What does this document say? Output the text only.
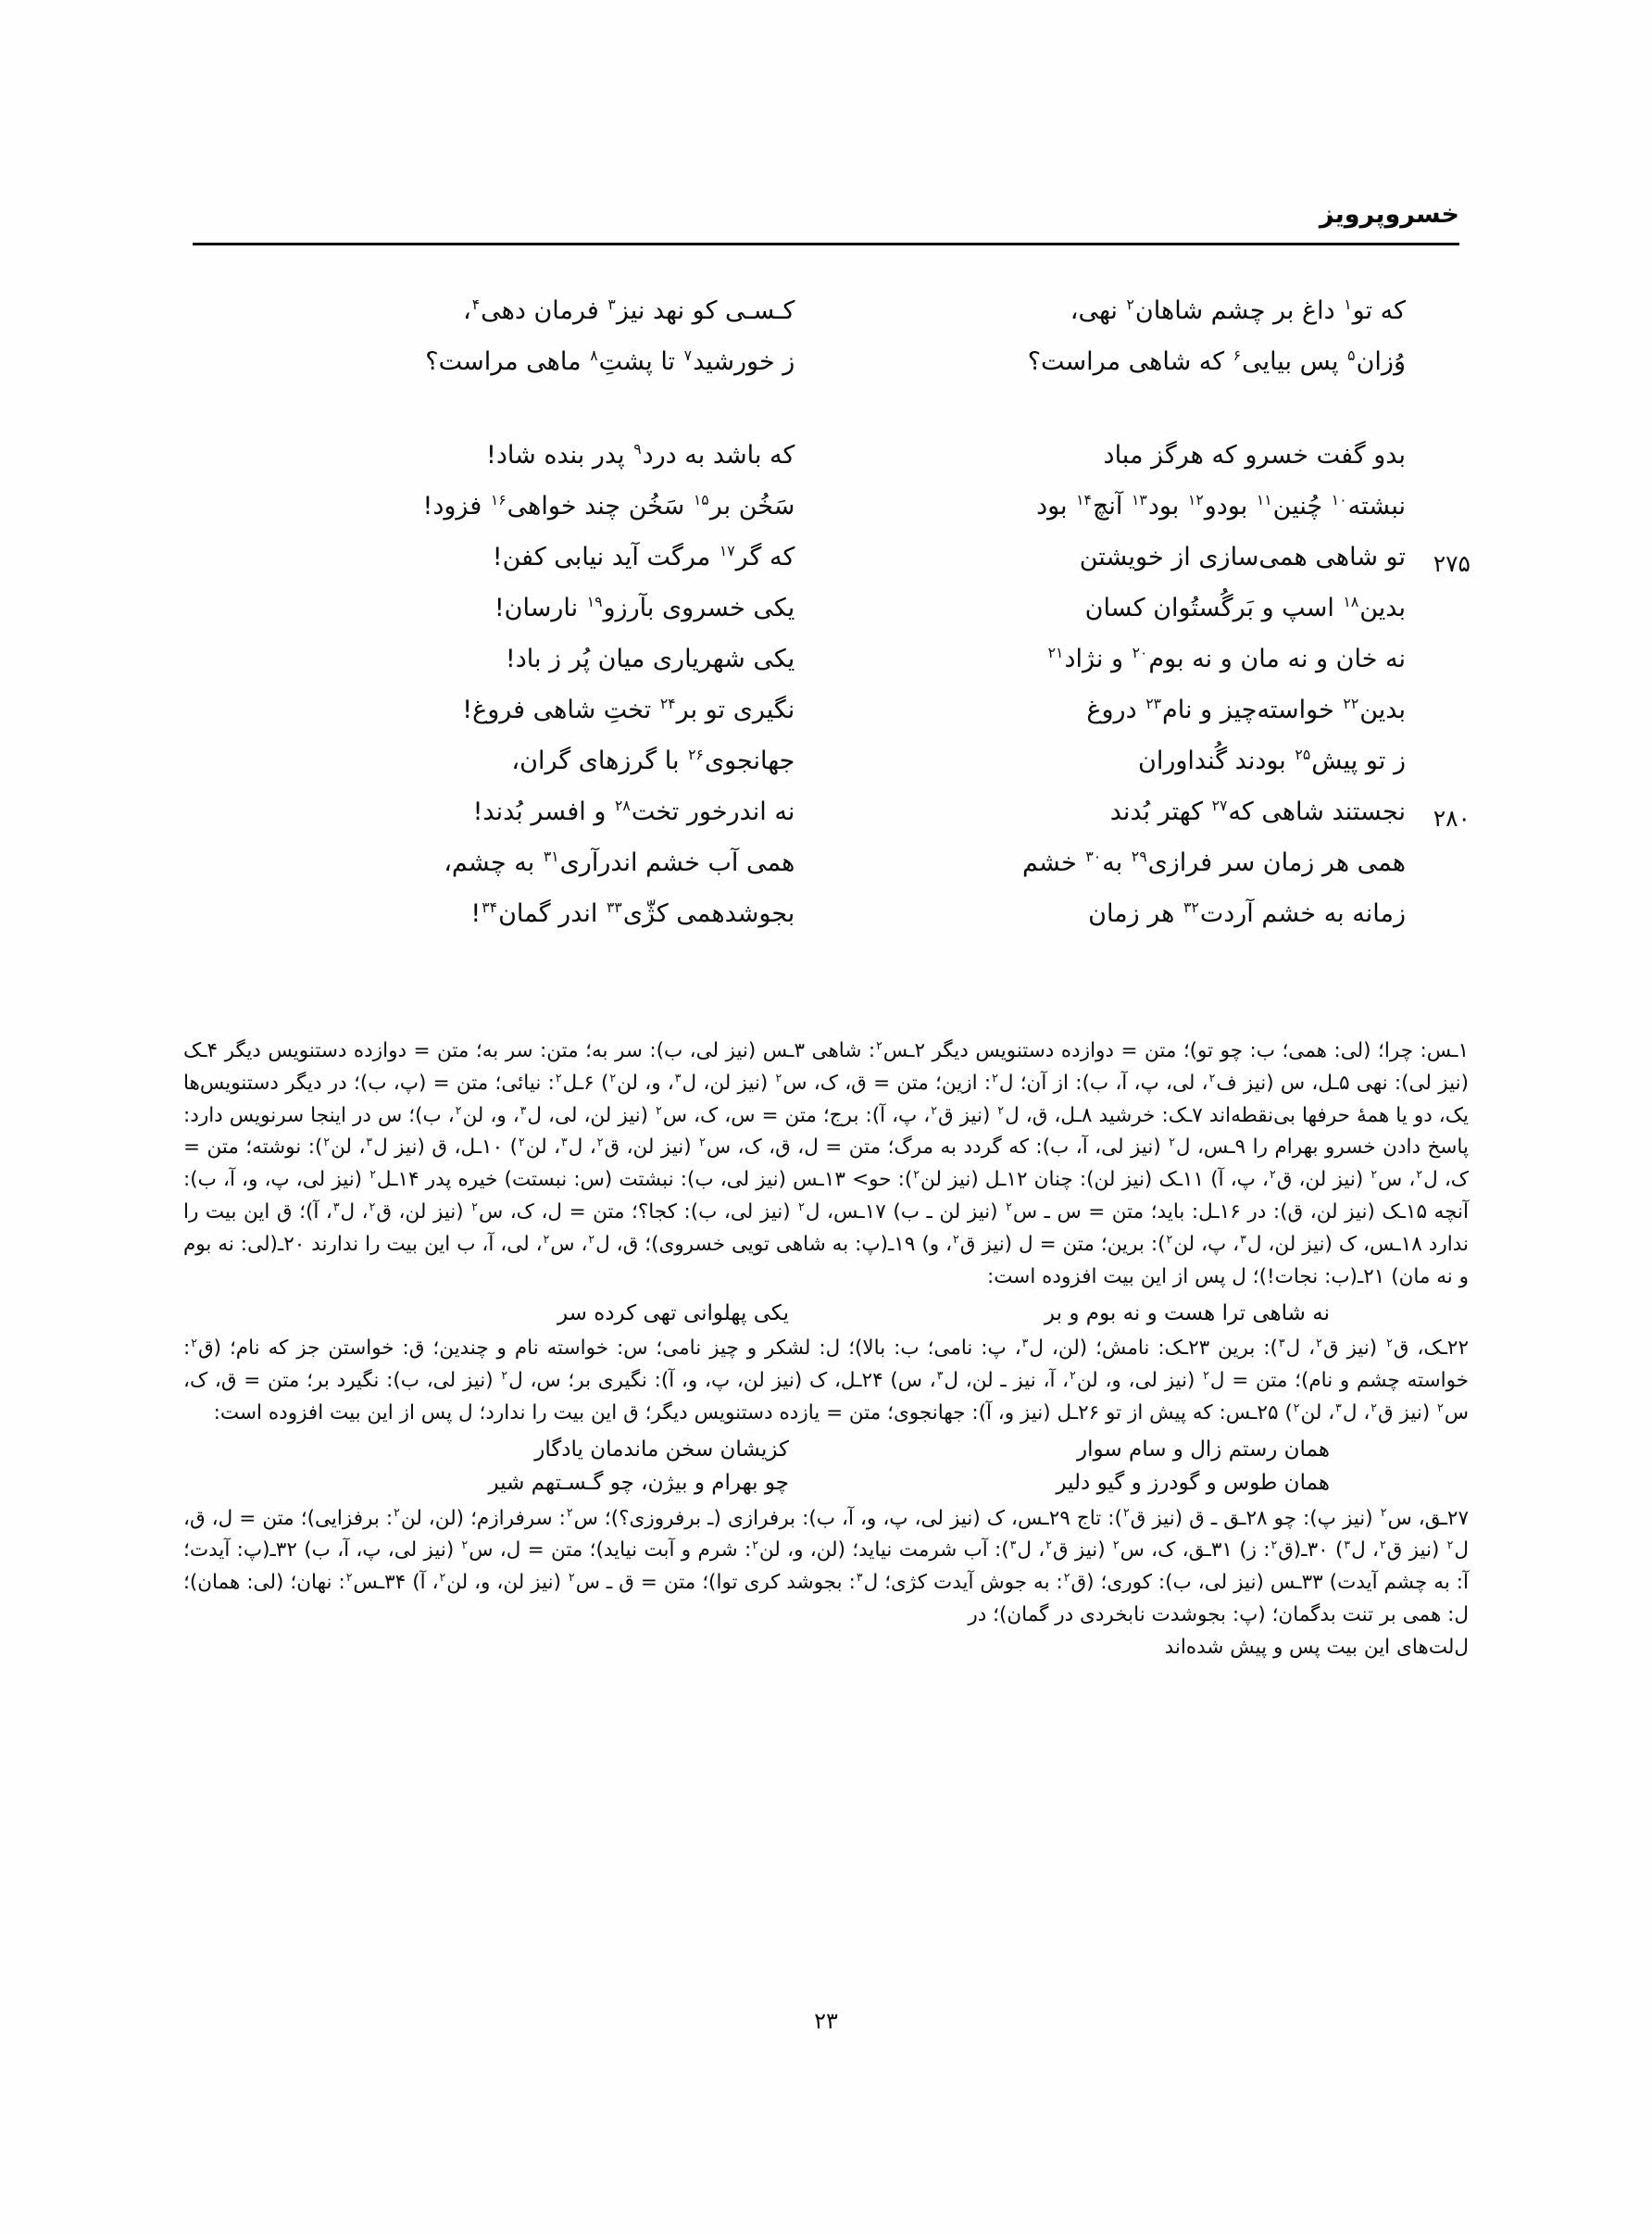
خسروپرویز
که تو$^۱$ داغ بر چشم شاهان$^۲$ نهی،
کـسـی کو نهد نیز$^۳$ فرمان دهی$^۴$،
وُزان$^۵$ پس بیایی$^۶$ که شاهی مراست؟
ز خورشید$^۷$ تا پشتِ$^۸$ ماهی مراست؟
بدو گفت خسرو که هرگز مباد
که باشد به درد$^۹$ پدر بنده شاد!
نبشته$^{۱۰}$ چُنین$^{۱۱}$ بودو$^{۱۲}$ بود$^{۱۳}$ آنچ$^{۱۴}$ بود
سَخُن بر$^{۱۵}$ سَخُن چند خواهی$^{۱۶}$ فزود!
۲۷۵
تو شاهی همی‌سازی از خویشتن
که گر$^{۱۷}$ مرگت آید نیابی کفن!
بدین$^{۱۸}$ اسپ و بَرگُستُوان کسان
یکی خسروی بآرزو$^{۱۹}$ نارسان!
نه خان و نه مان و نه بوم$^{۲۰}$ و نژاد$^{۲۱}$
یکی شهریاری میان پُر ز باد!
بدین$^{۲۲}$ خواسته‌چیز و نام$^{۲۳}$ دروغ
نگیری تو بر$^{۲۴}$ تختِ شاهی فروغ!
ز تو پیش$^{۲۵}$ بودند گُنداوران
جهانجوی$^{۲۶}$ با گرزهای گران،
۲۸۰
نجستند شاهی که$^{۲۷}$ کهتر بُدند
نه اندرخور تخت$^{۲۸}$ و افسر بُدند!
همی هر زمان سر فرازی$^{۲۹}$ به$^{۳۰}$ خشم
همی آب خشم اندرآری$^{۳۱}$ به چشم،
زمانه به خشم آردت$^{۳۲}$ هر زمان
بجوشدهمی کژّی$^{۳۳}$ اندر گمان$^{۳۴}$!

۱ـس: چرا؛ (لی: همی؛ ب: چو تو)؛ متن = دوازده دستنویس دیگر ۲ـس$^۲$: شاهی ۳ـس (نیز لی، ب): سر به؛ متن: سر به؛ متن = دوازده دستنویس دیگر ۴ـک (نیز لی): نهی ۵ـل، س (نیز ف$^۲$، لی، پ، آ، ب): از آن؛ ل$^۲$: ازین؛ متن = ق، ک، س$^۲$ (نیز لن، ل$^۳$، و، لن$^۲$) ۶ـل$^۲$: نیائی؛ متن = (پ، ب)؛ در دیگر دستنویس‌ها یک، دو یا همهٔ حرفها بی‌نقطه‌اند ۷ـک: خرشید ۸ـل، ق، ل$^۲$ (نیز ق$^۲$، پ، آ): برج؛ متن = س، ک، س$^۲$ (نیز لن، لی، ل$^۳$، و، لن$^۲$، ب)؛ س در اینجا سرنویس دارد: پاسخ دادن خسرو بهرام را ۹ـس، ل$^۲$ (نیز لی، آ، ب): که گردد به مرگ؛ متن = ل، ق، ک، س$^۲$ (نیز لن، ق$^۲$، ل$^۳$، لن$^۲$) ۱۰ـل، ق (نیز ل$^۳$، لن$^۲$): نوشته؛ متن = ک، ل$^۲$، س$^۲$ (نیز لن، ق$^۲$، پ، آ) ۱۱ـک (نیز لن): چنان ۱۲ـل (نیز لن$^۲$): حو> ۱۳ـس (نیز لی، ب): نبشتت (س: نبستت) خیره پدر ۱۴ـل$^۲$ (نیز لی، پ، و، آ، ب): آنچه ۱۵ـک (نیز لن، ق): در ۱۶ـل: باید؛ متن = س ـ س$^۲$ (نیز لن ـ ب) ۱۷ـس، ل$^۲$ (نیز لی، ب): کجا؟؛ متن = ل، ک، س$^۲$ (نیز لن، ق$^۲$، ل$^۳$، آ)؛ ق این بیت را ندارد ۱۸ـس، ک (نیز لن، ل$^۳$، پ، لن$^۲$): برین؛ متن = ل (نیز ق$^۲$، و) ۱۹ـ(پ: به شاهی تویی خسروی)؛ ق، ل$^۲$، س$^۲$، لی، آ، ب این بیت را ندارند ۲۰ـ(لی: نه بوم و نه مان) ۲۱ـ(ب: نجات!)؛ ل پس از این بیت افزوده است:

نه شاهی ترا هست و نه بوم و بر
یکی پهلوانی تهی کرده سر

۲۲ـک، ق$^۲$ (نیز ق$^۲$، ل$^۳$): برین ۲۳ـک: نامش؛ (لن، ل$^۳$، پ: نامی؛ ب: بالا)؛ ل: لشکر و چیز نامی؛ س: خواسته نام و چندین؛ ق: خواستن جز که نام؛ (ق$^۲$: خواسته چشم و نام)؛ متن = ل$^۲$ (نیز لی، و، لن$^۲$، آ، نیز ـ لن، ل$^۳$، س) ۲۴ـل، ک (نیز لن، پ، و، آ): نگیری بر؛ س، ل$^۲$ (نیز لی، ب): نگیرد بر؛ متن = ق، ک، س$^۲$ (نیز ق$^۲$، ل$^۳$، لن$^۲$) ۲۵ـس: که پیش از تو ۲۶ـل (نیز و، آ): جهانجوی؛ متن = یازده دستنویس دیگر؛ ق این بیت را ندارد؛ ل پس از این بیت افزوده است:

همان رستم زال و سام سوار
کزیشان سخن ماندمان یادگار
همان طوس و گودرز و گیو دلیر
چو بهرام و بیژن، چو گـسـتهم شیر

۲۷ـق، س$^۲$ (نیز پ): چو ۲۸ـق ـ ق (نیز ق$^۲$): تاج ۲۹ـس، ک (نیز لی، پ، و، آ، ب): برفرازی (ـ برفروزی؟)؛ س$^۲$: سرفرازم؛ (لن، لن$^۲$: برفزایی)؛ متن = ل، ق، ل$^۲$ (نیز ق$^۲$، ل$^۳$) ۳۰ـ(ق$^۲$: ز) ۳۱ـق، ک، س$^۲$ (نیز ق$^۲$، ل$^۳$): آب شرمت نیاید؛ (لن، و، لن$^۲$: شرم و آبت نیاید)؛ متن = ل، س$^۲$ (نیز لی، پ، آ، ب) ۳۲ـ(پ: آیدت؛ آ: به چشم آیدت) ۳۳ـس (نیز لی، ب): کوری؛ (ق$^۲$: به جوش آیدت کژی؛ ل$^۳$: بجوشد کری توا)؛ متن = ق ـ س$^۲$ (نیز لن، و، لن$^۲$، آ) ۳۴ـس$^۲$: نهان؛ (لی: همان)؛ ل: همی بر تنت بدگمان؛ (پ: بجوشدت نابخردی در گمان)؛ در

ل‌لت‌های این بیت پس و پیش شده‌اند

۲۳
